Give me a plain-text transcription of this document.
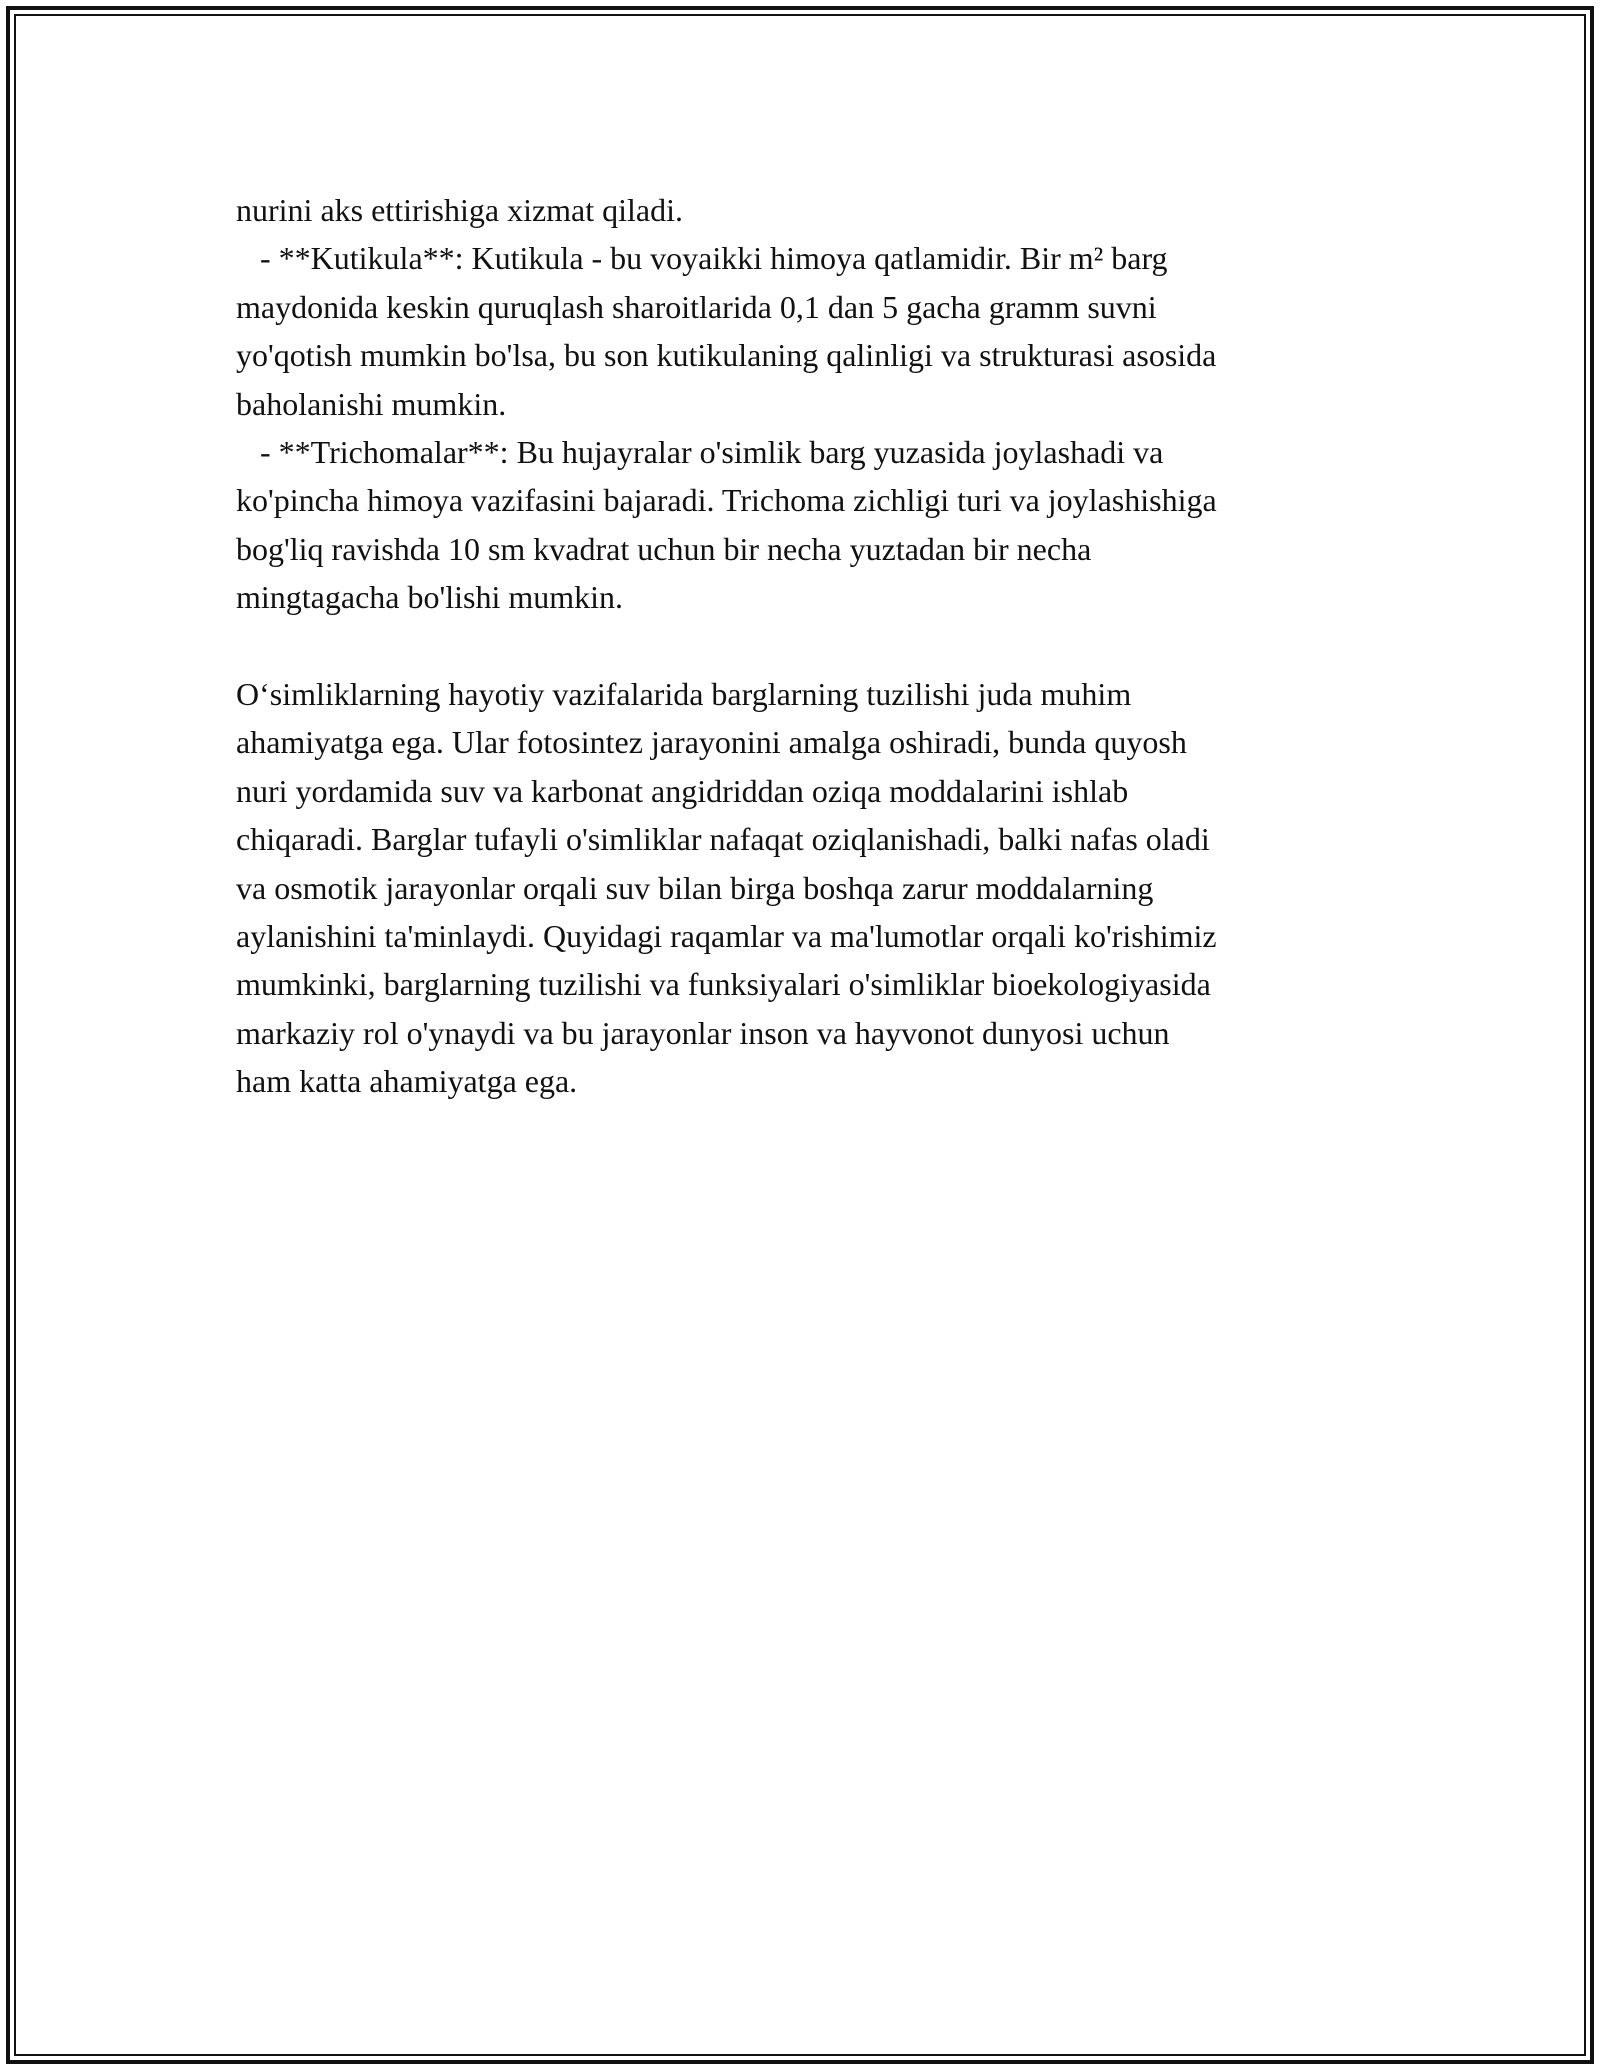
nurini aks ettirishiga xizmat qiladi.
- **Kutikula**: Kutikula - bu voyaikki himoya qatlamidir. Bir m² barg
maydonida keskin quruqlash sharoitlarida 0,1 dan 5 gacha gramm suvni
yo'qotish mumkin bo'lsa, bu son kutikulaning qalinligi va strukturasi asosida
baholanishi mumkin.
- **Trichomalar**: Bu hujayralar o'simlik barg yuzasida joylashadi va
ko'pincha himoya vazifasini bajaradi. Trichoma zichligi turi va joylashishiga
bog'liq ravishda 10 sm kvadrat uchun bir necha yuztadan bir necha
mingtagacha bo'lishi mumkin.
O‘simliklarning hayotiy vazifalarida barglarning tuzilishi juda muhim
ahamiyatga ega. Ular fotosintez jarayonini amalga oshiradi, bunda quyosh
nuri yordamida suv va karbonat angidriddan oziqa moddalarini ishlab
chiqaradi. Barglar tufayli o'simliklar nafaqat oziqlanishadi, balki nafas oladi
va osmotik jarayonlar orqali suv bilan birga boshqa zarur moddalarning
aylanishini ta'minlaydi. Quyidagi raqamlar va ma'lumotlar orqali ko'rishimiz
mumkinki, barglarning tuzilishi va funksiyalari o'simliklar bioekologiyasida
markaziy rol o'ynaydi va bu jarayonlar inson va hayvonot dunyosi uchun
ham katta ahamiyatga ega.
